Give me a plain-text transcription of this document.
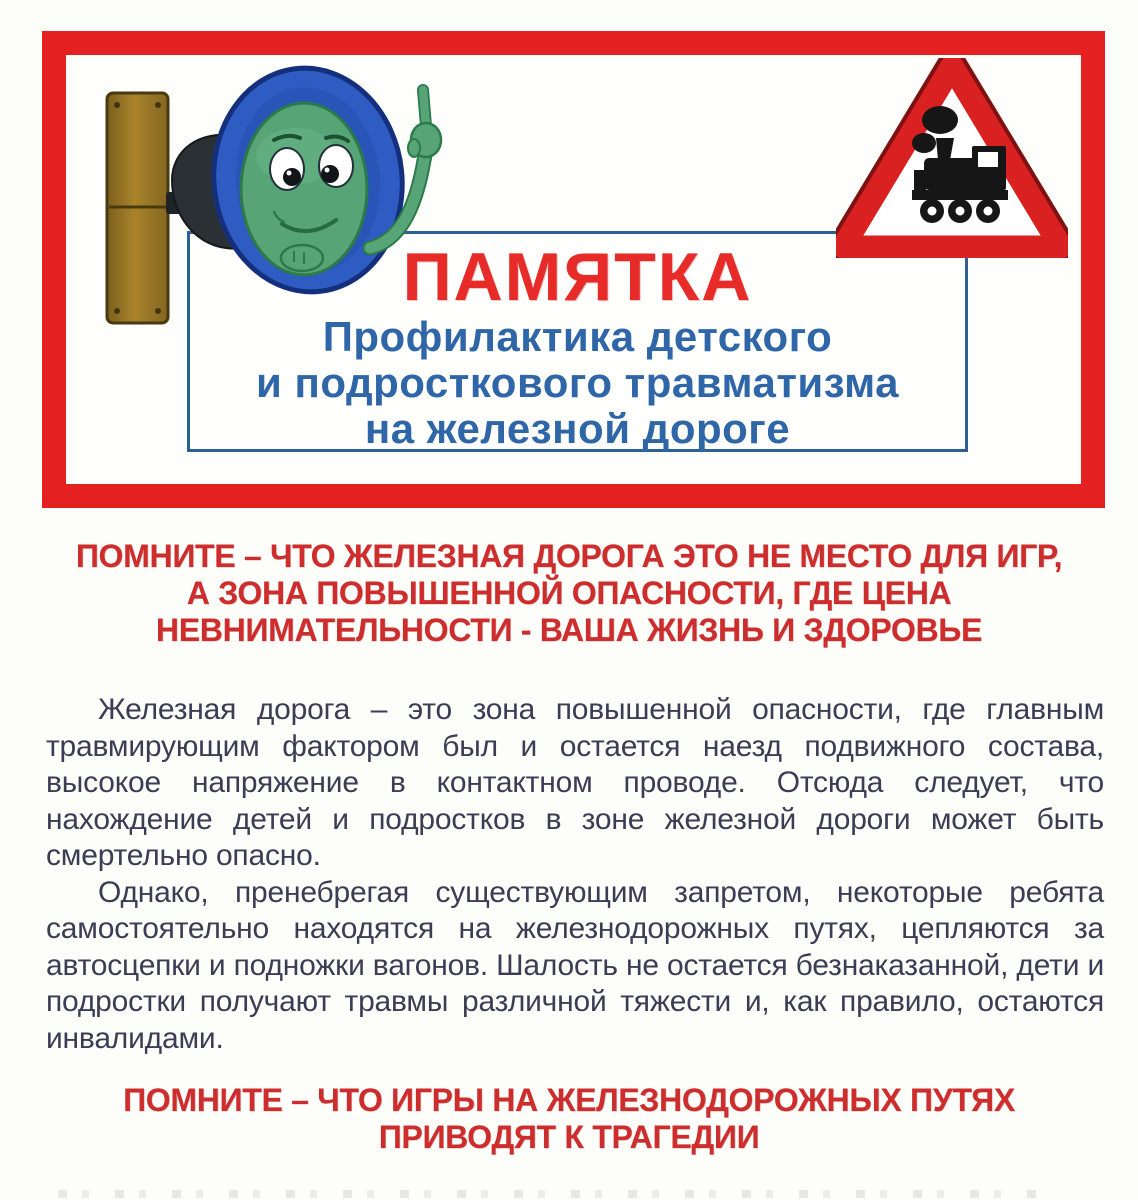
ПАМЯТКА
Профилактика детского
и подросткового травматизма
на железной дороге
ПОМНИТЕ – ЧТО ЖЕЛЕЗНАЯ ДОРОГА ЭТО НЕ МЕСТО ДЛЯ ИГР,
А ЗОНА ПОВЫШЕННОЙ ОПАСНОСТИ, ГДЕ ЦЕНА
НЕВНИМАТЕЛЬНОСТИ - ВАША ЖИЗНЬ И ЗДОРОВЬЕ

Железная дорога – это зона повышенной опасности, где главным травмирующим фактором был и остается наезд подвижного состава, высокое напряжение в контактном проводе. Отсюда следует, что нахождение детей и подростков в зоне железной дороги может быть смертельно опасно.

Однако, пренебрегая существующим запретом, некоторые ребята самостоятельно находятся на железнодорожных путях, цепляются за автосцепки и подножки вагонов. Шалость не остается безнаказанной, дети и подростки получают травмы различной тяжести и, как правило, остаются инвалидами.

ПОМНИТЕ – ЧТО ИГРЫ НА ЖЕЛЕЗНОДОРОЖНЫХ ПУТЯХ
ПРИВОДЯТ К ТРАГЕДИИ
